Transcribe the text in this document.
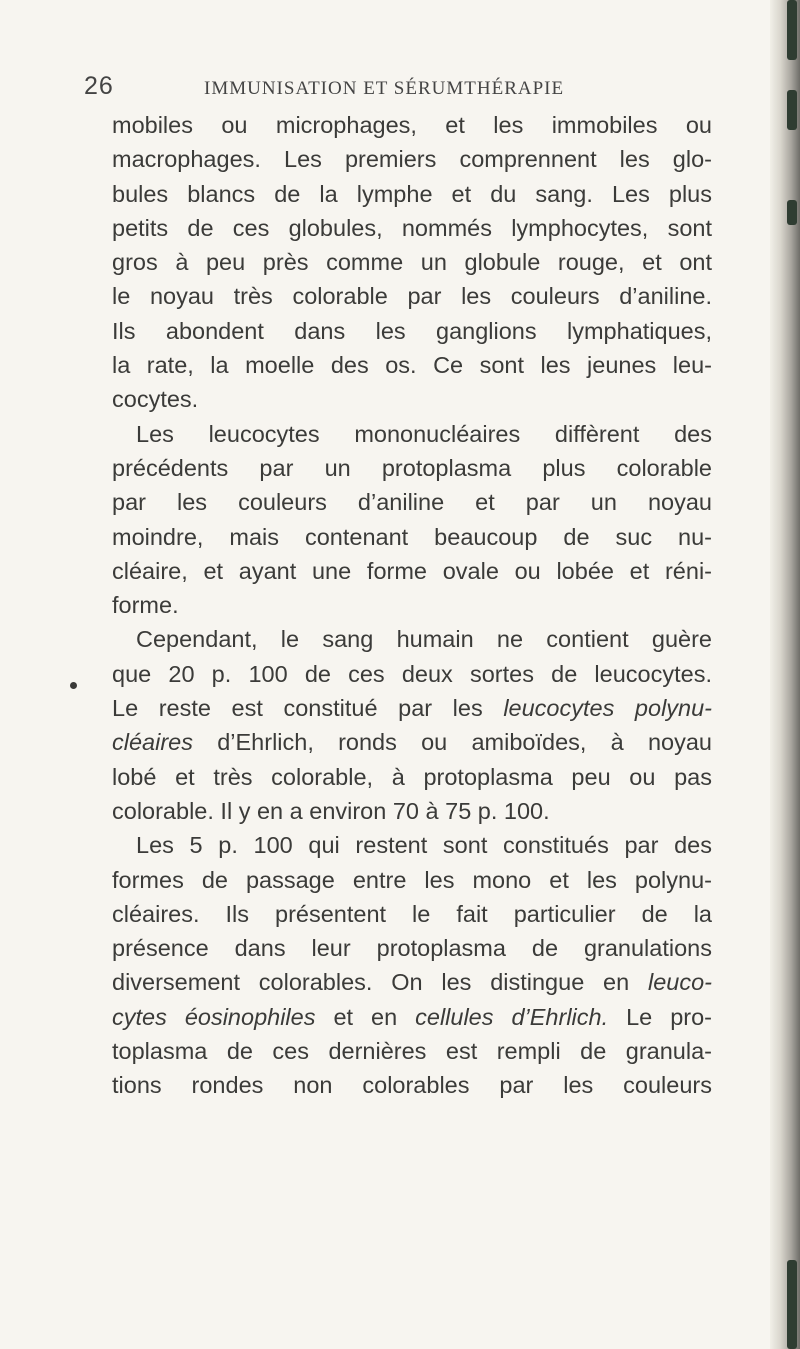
26	IMMUNISATION ET SÉRUMTHÉRAPIE
mobiles ou microphages, et les immobiles ou
macrophages. Les premiers comprennent les glo-
bules blancs de la lymphe et du sang. Les plus
petits de ces globules, nommés lymphocytes, sont
gros à peu près comme un globule rouge, et ont
le noyau très colorable par les couleurs d’aniline.
Ils abondent dans les ganglions lymphatiques,
la rate, la moelle des os. Ce sont les jeunes leu-
cocytes.
Les leucocytes mononucléaires diffèrent des
précédents par un protoplasma plus colorable
par les couleurs d’aniline et par un noyau
moindre, mais contenant beaucoup de suc nu-
cléaire, et ayant une forme ovale ou lobée et réni-
forme.
Cependant, le sang humain ne contient guère
que 20 p. 100 de ces deux sortes de leucocytes.
Le reste est constitué par les leucocytes polynu-
cléaires d’Ehrlich, ronds ou amiboïdes, à noyau
lobé et très colorable, à protoplasma peu ou pas
colorable. Il y en a environ 70 à 75 p. 100.
Les 5 p. 100 qui restent sont constitués par des
formes de passage entre les mono et les polynu-
cléaires. Ils présentent le fait particulier de la
présence dans leur protoplasma de granulations
diversement colorables. On les distingue en leuco-
cytes éosinophiles et en cellules d’Ehrlich. Le pro-
toplasma de ces dernières est rempli de granula-
tions rondes non colorables par les couleurs
